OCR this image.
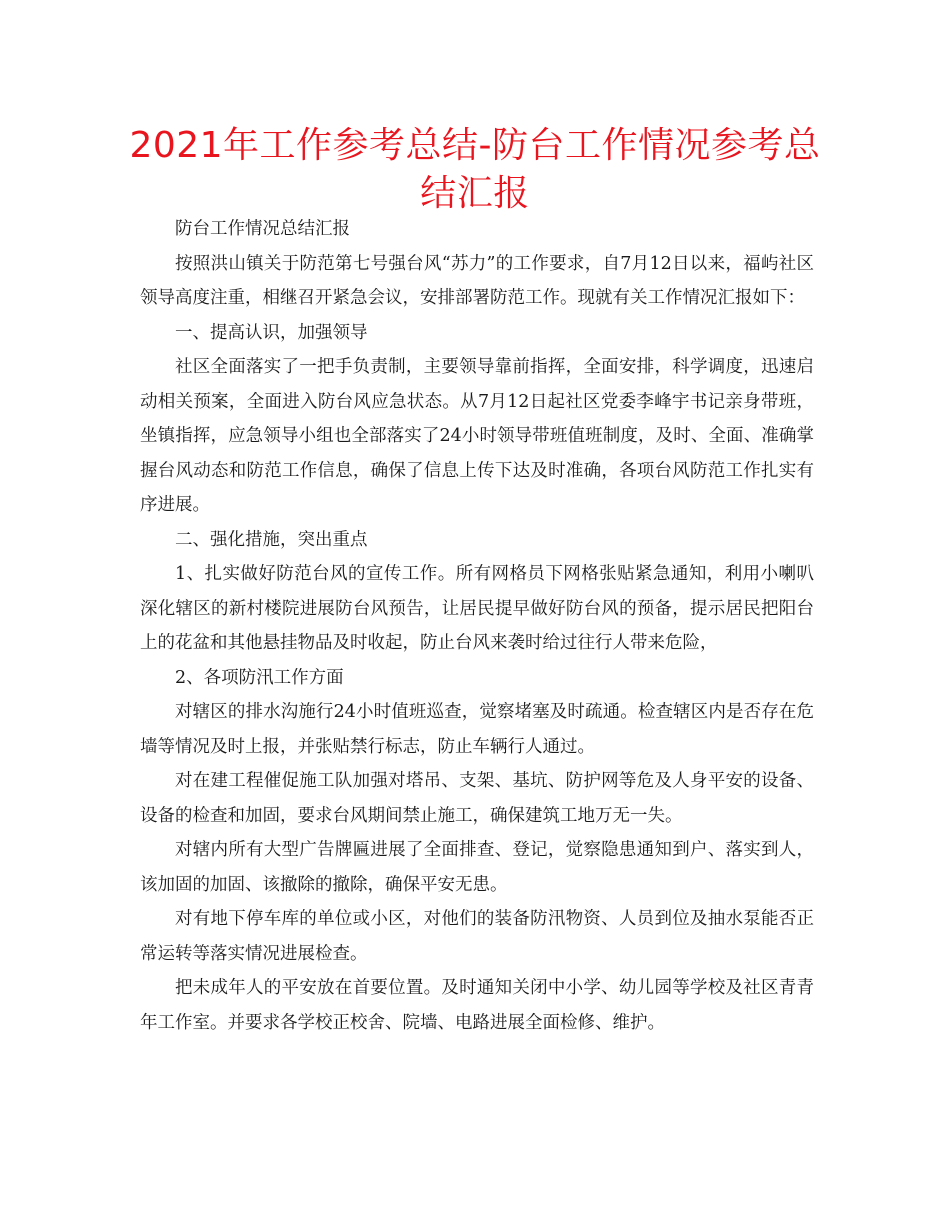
2021年工作参考总结-防台工作情况参考总结汇报

防台工作情况总结汇报

按照洪山镇关于防范第七号强台风“苏力”的工作要求，自7月12日以来，福屿社区领导高度注重，相继召开紧急会议，安排部署防范工作。现就有关工作情况汇报如下：

一、提高认识，加强领导

社区全面落实了一把手负责制，主要领导靠前指挥，全面安排，科学调度，迅速启动相关预案，全面进入防台风应急状态。从7月12日起社区党委李峰宇书记亲身带班，坐镇指挥，应急领导小组也全部落实了24小时领导带班值班制度，及时、全面、准确掌握台风动态和防范工作信息，确保了信息上传下达及时准确，各项台风防范工作扎实有序进展。

二、强化措施，突出重点

1、扎实做好防范台风的宣传工作。所有网格员下网格张贴紧急通知，利用小喇叭深化辖区的新村楼院进展防台风预告，让居民提早做好防台风的预备，提示居民把阳台上的花盆和其他悬挂物品及时收起，防止台风来袭时给过往行人带来危险，

2、各项防汛工作方面

对辖区的排水沟施行24小时值班巡查，觉察堵塞及时疏通。检查辖区内是否存在危墙等情况及时上报，并张贴禁行标志，防止车辆行人通过。

对在建工程催促施工队加强对塔吊、支架、基坑、防护网等危及人身平安的设备、设备的检查和加固，要求台风期间禁止施工，确保建筑工地万无一失。

对辖内所有大型广告牌匾进展了全面排查、登记，觉察隐患通知到户、落实到人，该加固的加固、该撤除的撤除，确保平安无患。

对有地下停车库的单位或小区，对他们的装备防汛物资、人员到位及抽水泵能否正常运转等落实情况进展检查。

把未成年人的平安放在首要位置。及时通知关闭中小学、幼儿园等学校及社区青青年工作室。并要求各学校正校舍、院墙、电路进展全面检修、维护。
